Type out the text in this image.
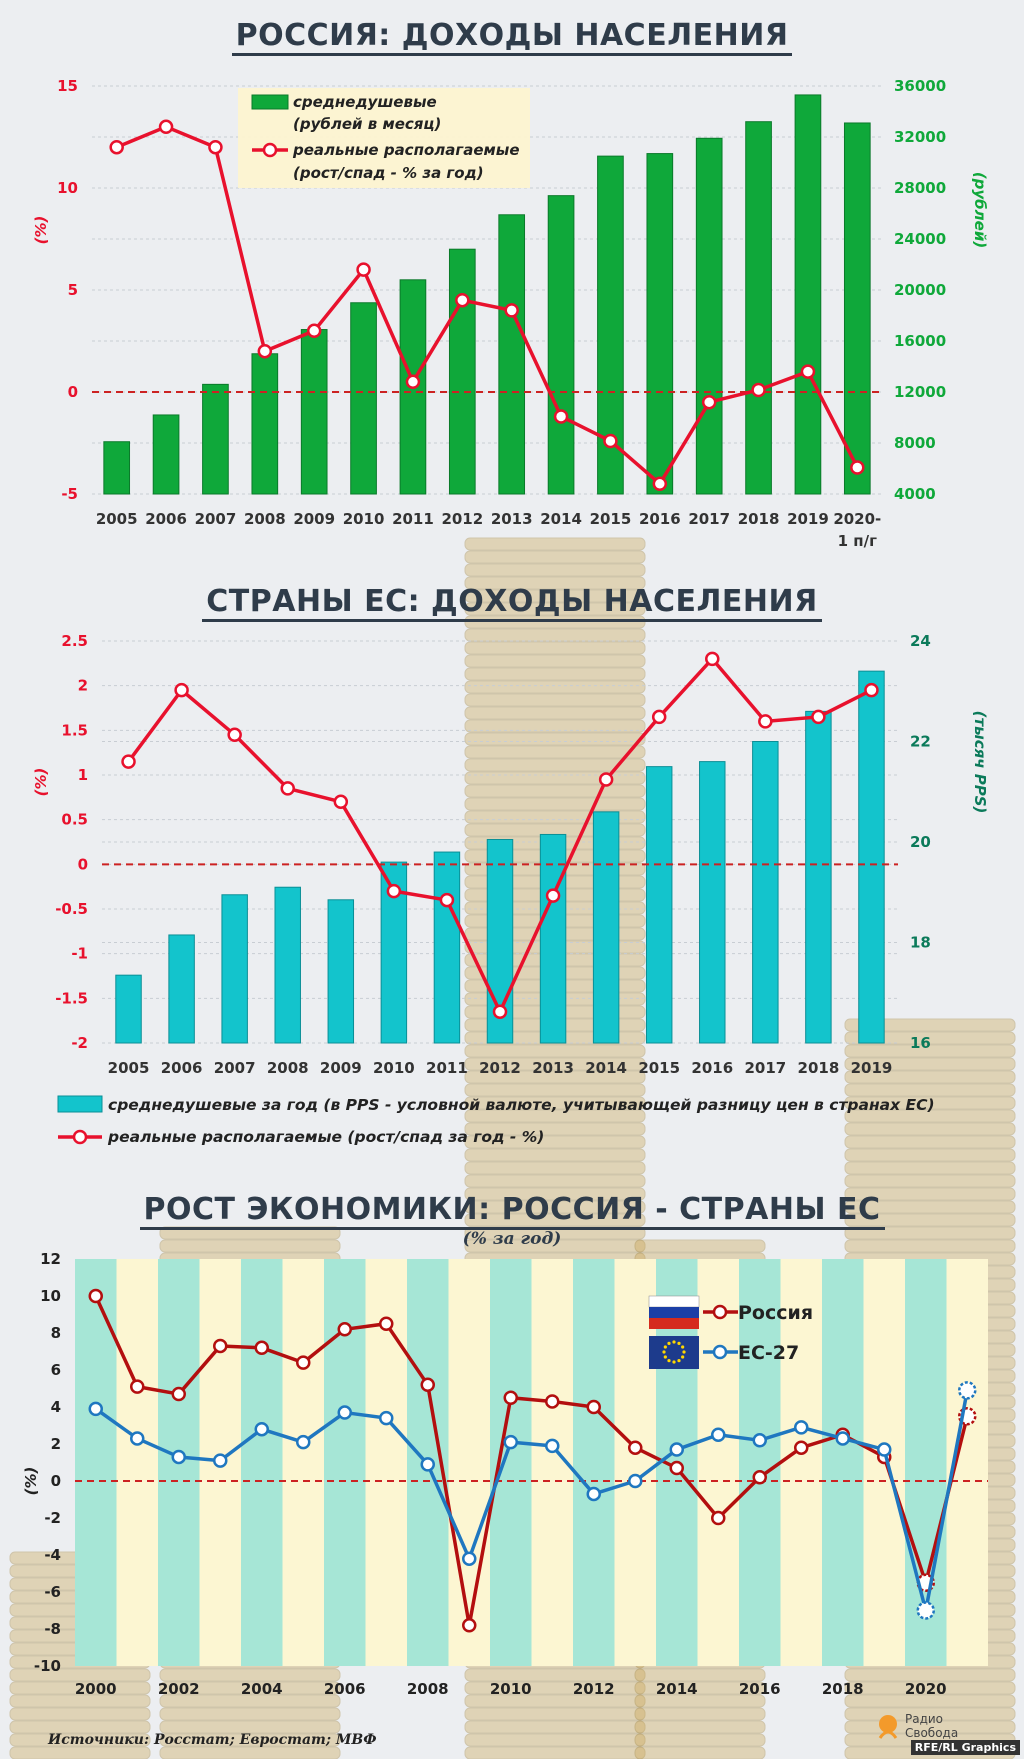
РОССИЯ: ДОХОДЫ НАСЕЛЕНИЯ
СТРАНЫ ЕС: ДОХОДЫ НАСЕЛЕНИЯ
РОСТ ЭКОНОМИКИ: РОССИЯ - СТРАНЫ ЕС
(% за год)
-5
0
5
10
15
4000
8000
12000
16000
20000
24000
28000
32000
36000
(%)	(рублей)
2005 2006 2007 2008 2009 2010 2011 2012 2013 2014 2015 2016 2017 2018 2019 2020-
1 п/г
среднедушевые
(рублей в месяц)
реальные располагаемые
(рост/спад - % за год)
-2
-1.5
-1
-0.5
0
0.5
1
1.5
2
2.5
16
18
20
22
24
(%)	(тысяч PPS)
2005 2006 2007 2008 2009 2010 2011 2012 2013 2014 2015 2016 2017 2018 2019
среднедушевые за год (в PPS - условной валюте, учитывающей разницу цен в странах ЕС)
реальные располагаемые (рост/спад за год - %)
-10
-8
-6
-4
-2
0
2
4
6
8
10
12
(%)
2000	2002	2004	2006	2008	2010	2012	2014	2016	2018	2020
Россия
ЕС-27
Источники: Росстат; Евростат; МВФ
Радио
Свобода
RFE/RL Graphics
